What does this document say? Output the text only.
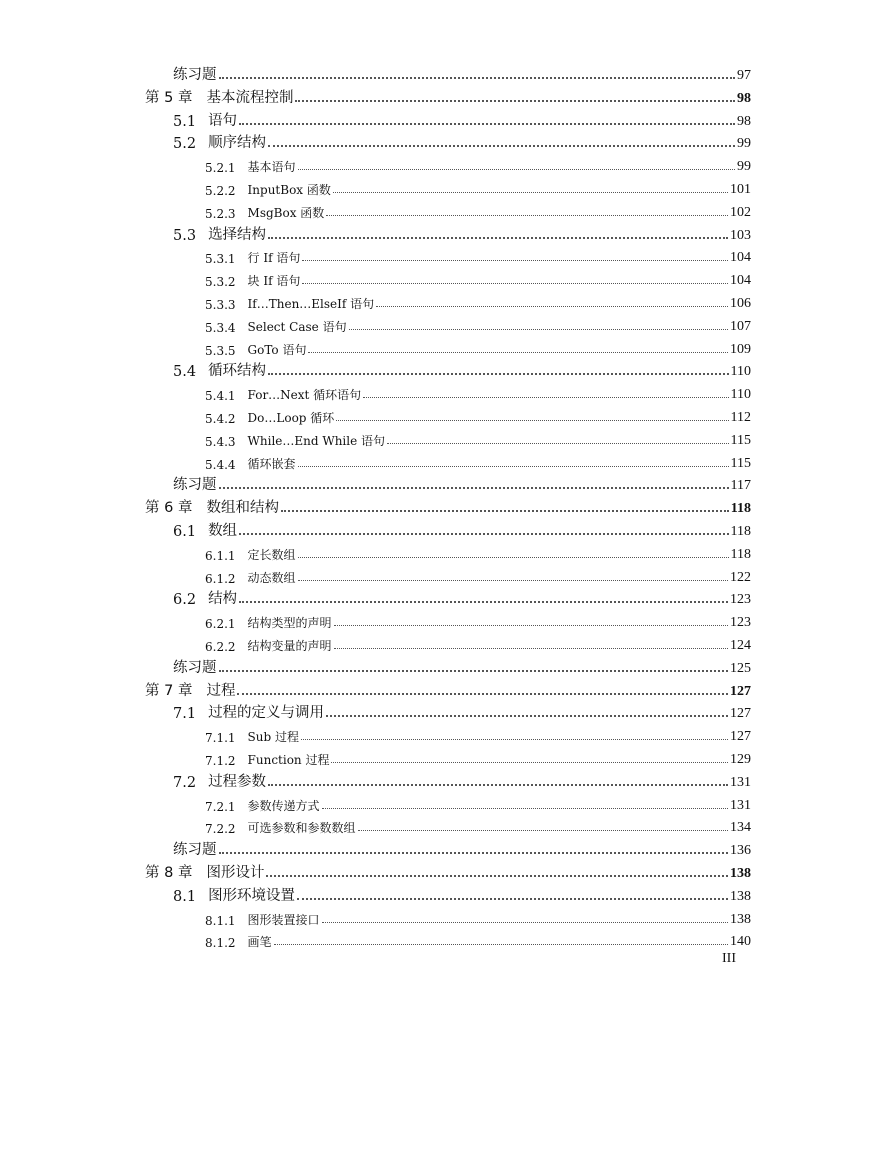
练习题	97
第 5 章 基本流程控制	98
5.1 语句	98
5.2 顺序结构	99
5.2.1 基本语句	99
5.2.2 InputBox 函数	101
5.2.3 MsgBox 函数	102
5.3 选择结构	103
5.3.1 行 If 语句	104
5.3.2 块 If 语句	104
5.3.3 If…Then…ElseIf 语句	106
5.3.4 Select Case 语句	107
5.3.5 GoTo 语句	109
5.4 循环结构	110
5.4.1 For…Next 循环语句	110
5.4.2 Do…Loop 循环	112
5.4.3 While…End While 语句	115
5.4.4 循环嵌套	115
练习题	117
第 6 章 数组和结构	118
6.1 数组	118
6.1.1 定长数组	118
6.1.2 动态数组	122
6.2 结构	123
6.2.1 结构类型的声明	123
6.2.2 结构变量的声明	124
练习题	125
第 7 章 过程	127
7.1 过程的定义与调用	127
7.1.1 Sub 过程	127
7.1.2 Function 过程	129
7.2 过程参数	131
7.2.1 参数传递方式	131
7.2.2 可选参数和参数数组	134
练习题	136
第 8 章 图形设计	138
8.1 图形环境设置	138
8.1.1 图形装置接口	138
8.1.2 画笔	140
III
